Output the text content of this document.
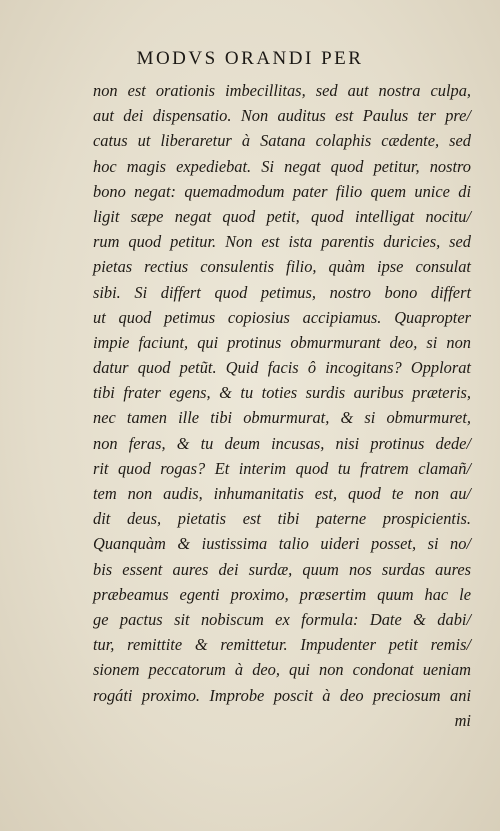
MODVS ORANDI PER
non est orationis imbecillitas, sed aut nostra culpa,
aut dei dispensatio. Non auditus est Paulus ter pre/
catus ut liberaretur à Satana colaphis cædente, sed
hoc magis expediebat. Si negat quod petitur, nostro
bono negat: quemadmodum pater filio quem unice di
ligit sæpe negat quod petit, quod intelligat nocitu/
rum quod petitur. Non est ista parentis duricies, sed
pietas rectius consulentis filio, quàm ipse consulat
sibi. Si differt quod petimus, nostro bono differt
ut quod petimus copiosius accipiamus. Quapropter
impie faciunt, qui protinus obmurmurant deo, si non
datur quod petũt. Quid facis ô incogitans? Opplorat
tibi frater egens, & tu toties surdis auribus præteris,
nec tamen ille tibi obmurmurat, & si obmurmuret,
non feras, & tu deum incusas, nisi protinus dede/
rit quod rogas? Et interim quod tu fratrem clamañ/
tem non audis, inhumanitatis est, quod te non au/
dit deus, pietatis est tibi paterne prospicientis.
Quanquàm & iustissima talio uideri posset, si no/
bis essent aures dei surdæ, quum nos surdas aures
præbeamus egenti proximo, præsertim quum hac le
ge pactus sit nobiscum ex formula: Date & dabi/
tur, remittite & remittetur. Impudenter petit remis/
sionem peccatorum à deo, qui non condonat ueniam
rogáti proximo. Improbe poscit à deo preciosum ani
mi
